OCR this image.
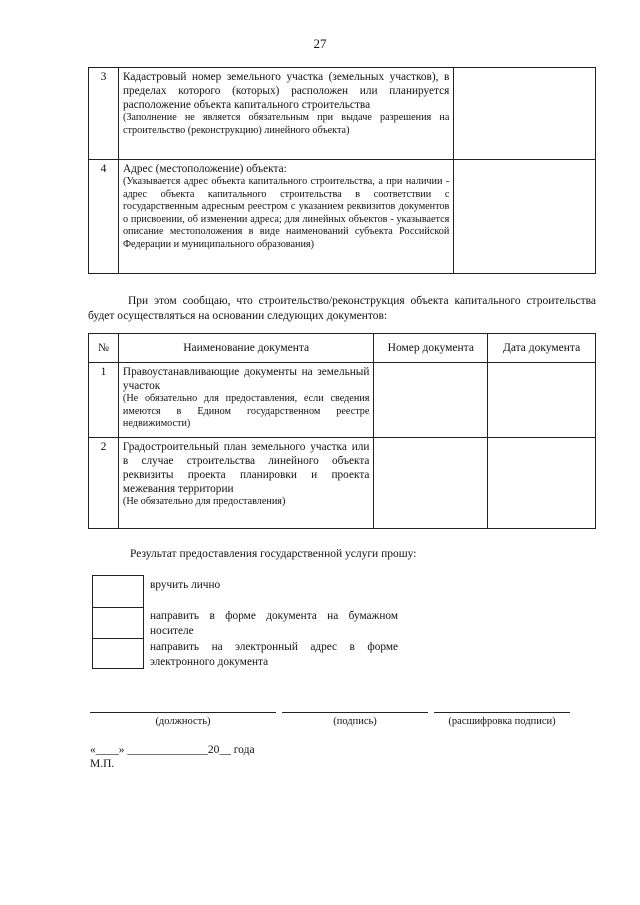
27
3	Кадастровый номер земельного участка (земельных участков), в пределах которого (которых) расположен или планируется расположение объекта капитального строительства
(Заполнение не является обязательным при выдаче разрешения на строительство (реконструкцию) линейного объекта)	

4	Адрес (местоположение) объекта:
(Указывается адрес объекта капитального строительства, а при наличии - адрес объекта капитального строительства в соответствии с государственным адресным реестром с указанием реквизитов документов о присвоении, об изменении адреса; для линейных объектов - указывается описание местоположения в виде наименований субъекта Российской Федерации и муниципального образования)	

При этом сообщаю, что строительство/реконструкция объекта капитального строительства будет осуществляться на основании следующих документов:
№	Наименование документа	Номер документа	Дата документа
1	Правоустанавливающие документы на земельный участок
(Не обязательно для предоставления, если сведения имеются в Едином государственном реестре недвижимости)		

2	Градостроительный план земельного участка или в случае строительства линейного объекта реквизиты проекта планировки и проекта межевания территории
(Не обязательно для предоставления)		

Результат предоставления государственной услуги прошу:
вручить лично
направить в форме документа на бумажном носителе
направить на электронный адрес в форме электронного документа
(должность)	(подпись)	(расшифровка подписи)
«____» ______________20__ года
М.П.
